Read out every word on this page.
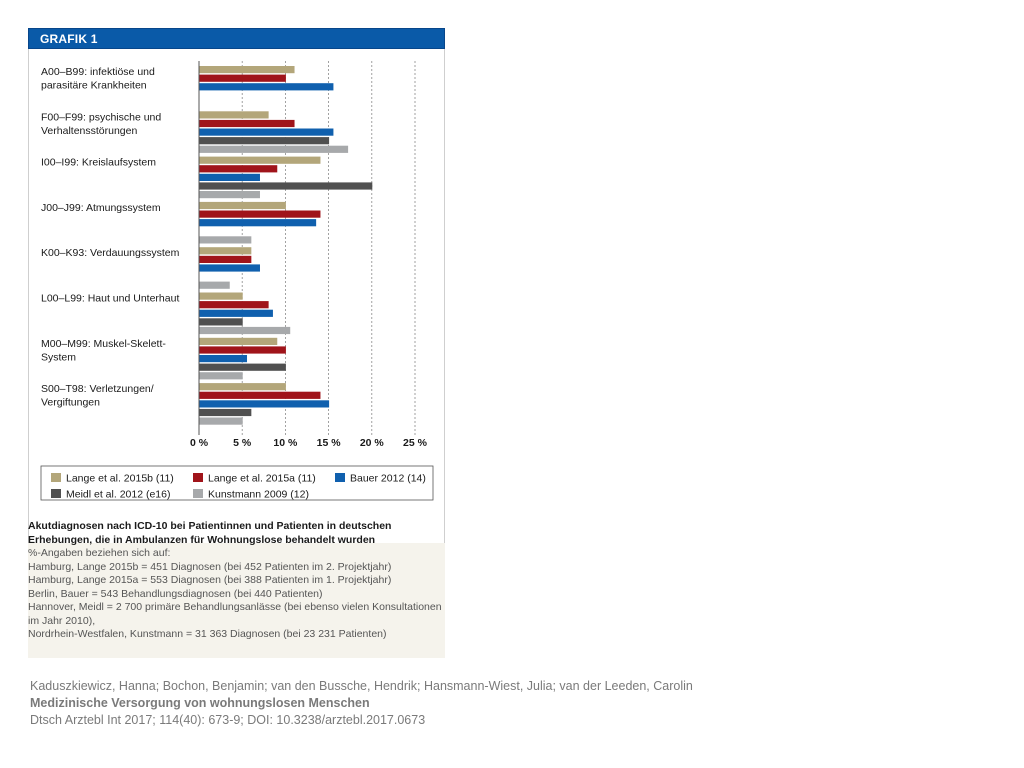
GRAFIK 1
0 % 5 % 10 % 15 % 20 % 25 %
A00–B99: infektiöse und
parasitäre Krankheiten
F00–F99: psychische und
Verhaltensstörungen
I00–I99: Kreislaufsystem
J00–J99: Atmungssystem
K00–K93: Verdauungssystem
L00–L99: Haut und Unterhaut
M00–M99: Muskel-Skelett-
System
S00–T98: Verletzungen/
Vergiftungen
Lange et al. 2015b (11)	Lange et al. 2015a (11)	Bauer 2012 (14)
Meidl et al. 2012 (e16)	Kunstmann 2009 (12)
Akutdiagnosen nach ICD-10 bei Patientinnen und Patienten in deutschen
Erhebungen, die in Ambulanzen für Wohnungslose behandelt wurden
%-Angaben beziehen sich auf:
Hamburg, Lange 2015b = 451 Diagnosen (bei 452 Patienten im 2. Projektjahr)
Hamburg, Lange 2015a = 553 Diagnosen (bei 388 Patienten im 1. Projektjahr)
Berlin, Bauer = 543 Behandlungsdiagnosen (bei 440 Patienten)
Hannover, Meidl = 2 700 primäre Behandlungsanlässe (bei ebenso vielen Konsultationen
im Jahr 2010),
Nordrhein-Westfalen, Kunstmann = 31 363 Diagnosen (bei 23 231 Patienten)
Kaduszkiewicz, Hanna; Bochon, Benjamin; van den Bussche, Hendrik; Hansmann-Wiest, Julia; van der Leeden, Carolin
Medizinische Versorgung von wohnungslosen Menschen
Dtsch Arztebl Int 2017; 114(40): 673-9; DOI: 10.3238/arztebl.2017.0673
